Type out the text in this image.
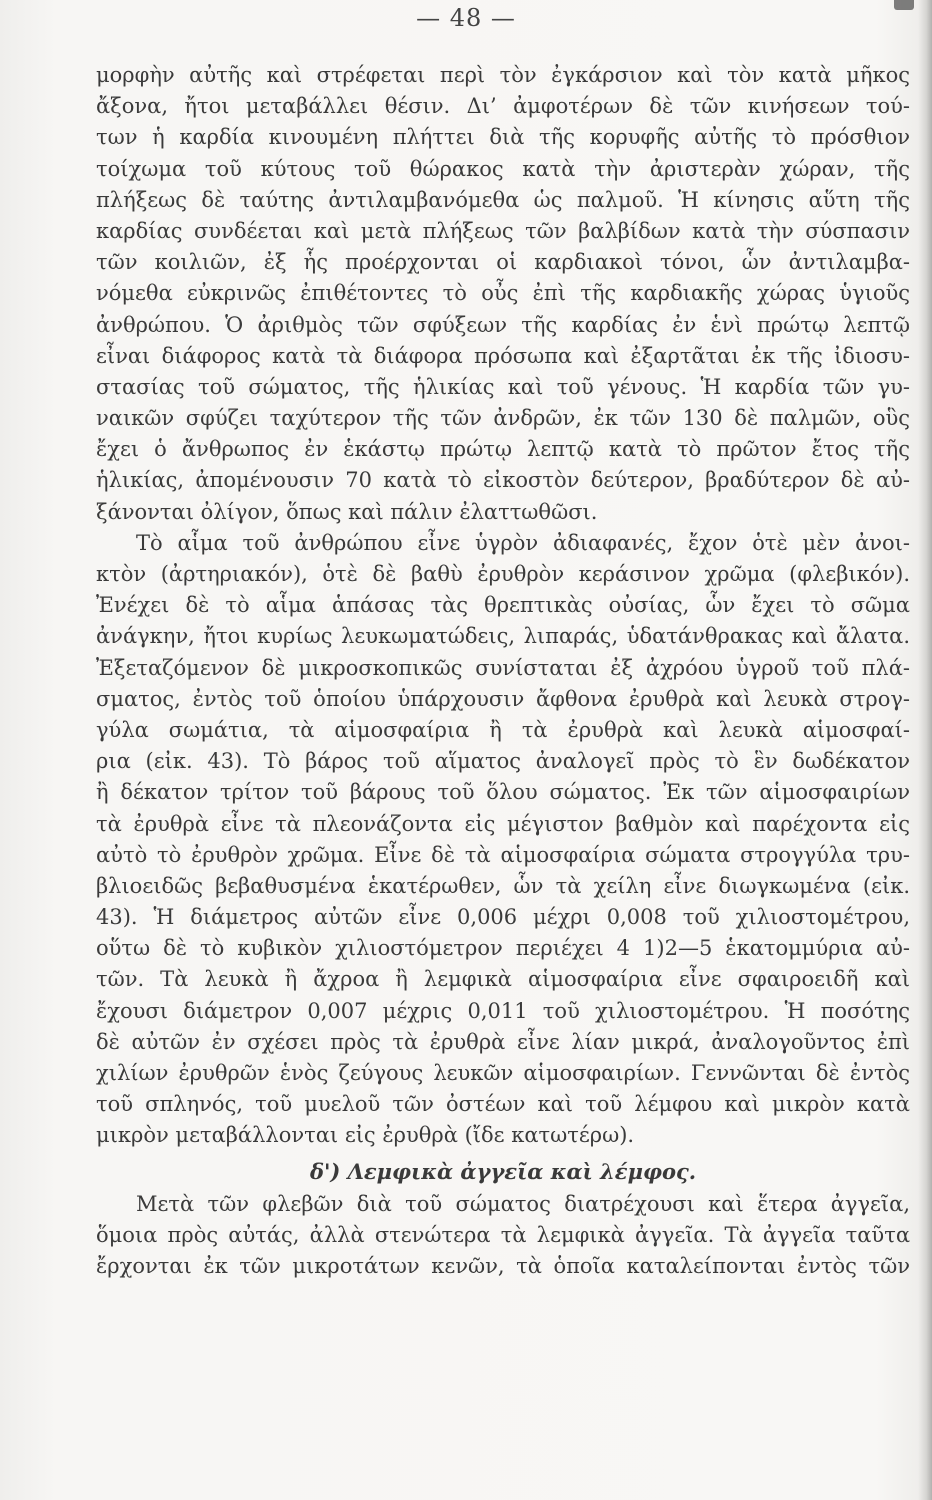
— 48 —
μορφὴν αὐτῆς καὶ στρέφεται περὶ τὸν ἐγκάρσιον καὶ τὸν κατὰ μῆκος
ἄξονα, ἤτοι μεταβάλλει θέσιν. Δι’ ἀμφοτέρων δὲ τῶν κινήσεων τού-
των ἡ καρδία κινουμένη πλήττει διὰ τῆς κορυφῆς αὐτῆς τὸ πρόσθιον
τοίχωμα τοῦ κύτους τοῦ θώρακος κατὰ τὴν ἀριστερὰν χώραν, τῆς
πλήξεως δὲ ταύτης ἀντιλαμβανόμεθα ὡς παλμοῦ. Ἡ κίνησις αὕτη τῆς
καρδίας συνδέεται καὶ μετὰ πλήξεως τῶν βαλβίδων κατὰ τὴν σύσπασιν
τῶν κοιλιῶν, ἐξ ἧς προέρχονται οἱ καρδιακοὶ τόνοι, ὧν ἀντιλαμβα-
νόμεθα εὐκρινῶς ἐπιθέτοντες τὸ οὖς ἐπὶ τῆς καρδιακῆς χώρας ὑγιοῦς
ἀνθρώπου. Ὁ ἀριθμὸς τῶν σφύξεων τῆς καρδίας ἐν ἑνὶ πρώτῳ λεπτῷ
εἶναι διάφορος κατὰ τὰ διάφορα πρόσωπα καὶ ἐξαρτᾶται ἐκ τῆς ἰδιοσυ-
στασίας τοῦ σώματος, τῆς ἡλικίας καὶ τοῦ γένους. Ἡ καρδία τῶν γυ-
ναικῶν σφύζει ταχύτερον τῆς τῶν ἀνδρῶν, ἐκ τῶν 130 δὲ παλμῶν, οὓς
ἔχει ὁ ἄνθρωπος ἐν ἑκάστῳ πρώτῳ λεπτῷ κατὰ τὸ πρῶτον ἔτος τῆς
ἡλικίας, ἀπομένουσιν 70 κατὰ τὸ εἰκοστὸν δεύτερον, βραδύτερον δὲ αὐ-
ξάνονται ὀλίγον, ὅπως καὶ πάλιν ἐλαττωθῶσι.
Τὸ αἷμα τοῦ ἀνθρώπου εἶνε ὑγρὸν ἀδιαφανές, ἔχον ὁτὲ μὲν ἀνοι-
κτὸν (ἀρτηριακόν), ὁτὲ δὲ βαθὺ ἐρυθρὸν κεράσινον χρῶμα (φλεβικόν).
Ἐνέχει δὲ τὸ αἷμα ἁπάσας τὰς θρεπτικὰς οὐσίας, ὧν ἔχει τὸ σῶμα
ἀνάγκην, ἤτοι κυρίως λευκωματώδεις, λιπαράς, ὑδατάνθρακας καὶ ἄλατα.
Ἐξεταζόμενον δὲ μικροσκοπικῶς συνίσταται ἐξ ἀχρόου ὑγροῦ τοῦ πλά-
σματος, ἐντὸς τοῦ ὁποίου ὑπάρχουσιν ἄφθονα ἐρυθρὰ καὶ λευκὰ στρογ-
γύλα σωμάτια, τὰ αἱμοσφαίρια ἢ τὰ ἐρυθρὰ καὶ λευκὰ αἱμοσφαί-
ρια (εἰκ. 43). Τὸ βάρος τοῦ αἵματος ἀναλογεῖ πρὸς τὸ ἓν δωδέκατον
ἢ δέκατον τρίτον τοῦ βάρους τοῦ ὅλου σώματος. Ἐκ τῶν αἱμοσφαιρίων
τὰ ἐρυθρὰ εἶνε τὰ πλεονάζοντα εἰς μέγιστον βαθμὸν καὶ παρέχοντα εἰς
αὐτὸ τὸ ἐρυθρὸν χρῶμα. Εἶνε δὲ τὰ αἱμοσφαίρια σώματα στρογγύλα τρυ-
βλιοειδῶς βεβαθυσμένα ἑκατέρωθεν, ὧν τὰ χείλη εἶνε διωγκωμένα (εἰκ.
43). Ἡ διάμετρος αὐτῶν εἶνε 0,006 μέχρι 0,008 τοῦ χιλιοστομέτρου,
οὕτω δὲ τὸ κυβικὸν χιλιοστόμετρον περιέχει 4 1)2—5 ἑκατομμύρια αὐ-
τῶν. Τὰ λευκὰ ἢ ἄχροα ἢ λεμφικὰ αἱμοσφαίρια εἶνε σφαιροειδῆ καὶ
ἔχουσι διάμετρον 0,007 μέχρις 0,011 τοῦ χιλιοστομέτρου. Ἡ ποσότης
δὲ αὐτῶν ἐν σχέσει πρὸς τὰ ἐρυθρὰ εἶνε λίαν μικρά, ἀναλογοῦντος ἐπὶ
χιλίων ἐρυθρῶν ἑνὸς ζεύγους λευκῶν αἱμοσφαιρίων. Γεννῶνται δὲ ἐντὸς
τοῦ σπληνός, τοῦ μυελοῦ τῶν ὀστέων καὶ τοῦ λέμφου καὶ μικρὸν κατὰ
μικρὸν μεταβάλλονται εἰς ἐρυθρὰ (ἴδε κατωτέρω).
δ') Λεμφικὰ ἀγγεῖα καὶ λέμφος.
Μετὰ τῶν φλεβῶν διὰ τοῦ σώματος διατρέχουσι καὶ ἕτερα ἀγγεῖα,
ὅμοια πρὸς αὐτάς, ἀλλὰ στενώτερα τὰ λεμφικὰ ἀγγεῖα. Τὰ ἀγγεῖα ταῦτα
ἔρχονται ἐκ τῶν μικροτάτων κενῶν, τὰ ὁποῖα καταλείπονται ἐντὸς τῶν
